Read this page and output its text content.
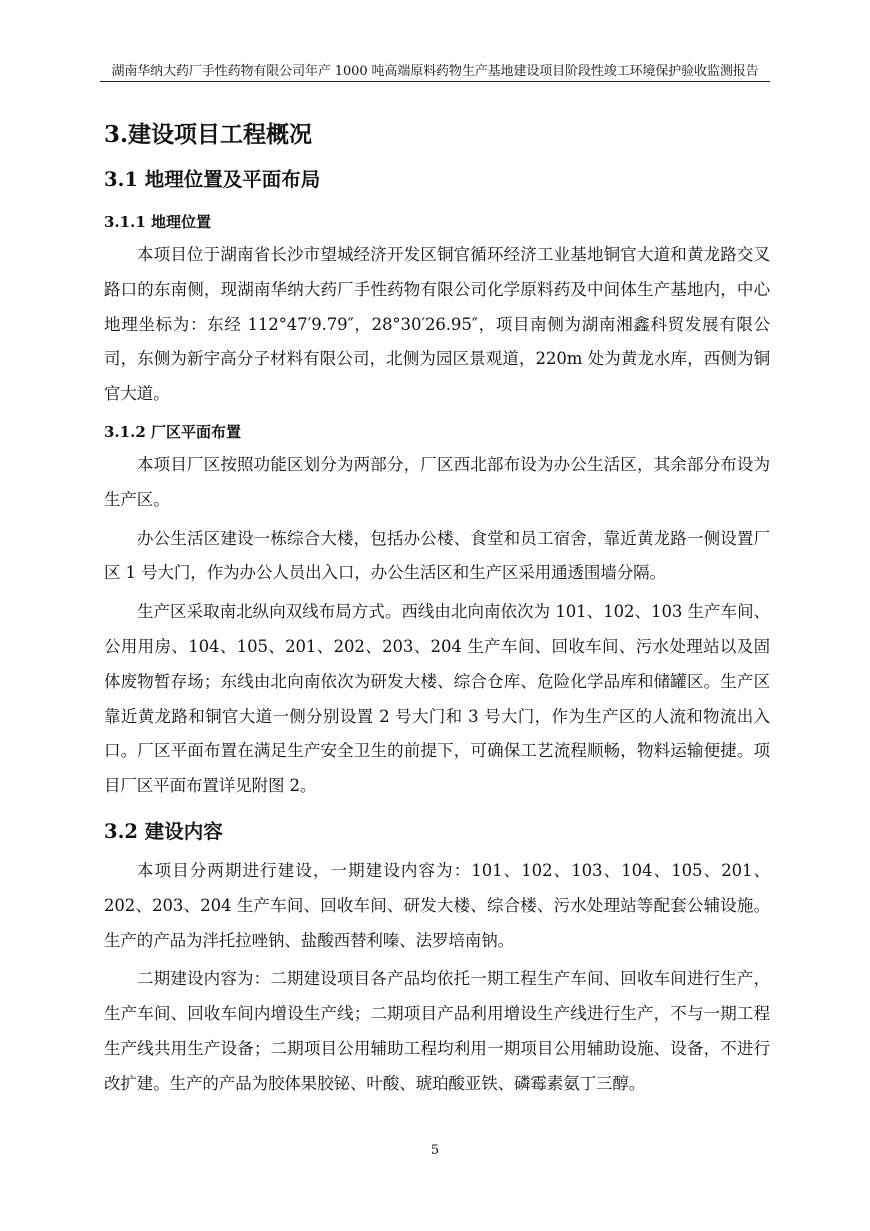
湖南华纳大药厂手性药物有限公司年产 1000 吨高端原料药物生产基地建设项目阶段性竣工环境保护验收监测报告
3.建设项目工程概况
3.1 地理位置及平面布局
3.1.1 地理位置

本项目位于湖南省长沙市望城经济开发区铜官循环经济工业基地铜官大道和黄龙路交叉路口的东南侧，现湖南华纳大药厂手性药物有限公司化学原料药及中间体生产基地内，中心地理坐标为：东经 112°47′9.79″，28°30′26.95″，项目南侧为湖南湘鑫科贸发展有限公司，东侧为新宇高分子材料有限公司，北侧为园区景观道，220m 处为黄龙水库，西侧为铜官大道。

3.1.2 厂区平面布置

本项目厂区按照功能区划分为两部分，厂区西北部布设为办公生活区，其余部分布设为生产区。

办公生活区建设一栋综合大楼，包括办公楼、食堂和员工宿舍，靠近黄龙路一侧设置厂区 1 号大门，作为办公人员出入口，办公生活区和生产区采用通透围墙分隔。

生产区采取南北纵向双线布局方式。西线由北向南依次为 101、102、103 生产车间、公用用房、104、105、201、202、203、204 生产车间、回收车间、污水处理站以及固体废物暂存场；东线由北向南依次为研发大楼、综合仓库、危险化学品库和储罐区。生产区靠近黄龙路和铜官大道一侧分别设置 2 号大门和 3 号大门，作为生产区的人流和物流出入口。厂区平面布置在满足生产安全卫生的前提下，可确保工艺流程顺畅，物料运输便捷。项目厂区平面布置详见附图 2。

3.2 建设内容

本项目分两期进行建设，一期建设内容为：101、102、103、104、105、201、202、203、204 生产车间、回收车间、研发大楼、综合楼、污水处理站等配套公辅设施。生产的产品为泮托拉唑钠、盐酸西替利嗪、法罗培南钠。

二期建设内容为：二期建设项目各产品均依托一期工程生产车间、回收车间进行生产，生产车间、回收车间内增设生产线；二期项目产品利用增设生产线进行生产，不与一期工程生产线共用生产设备；二期项目公用辅助工程均利用一期项目公用辅助设施、设备，不进行改扩建。生产的产品为胶体果胶铋、叶酸、琥珀酸亚铁、磷霉素氨丁三醇。

5
